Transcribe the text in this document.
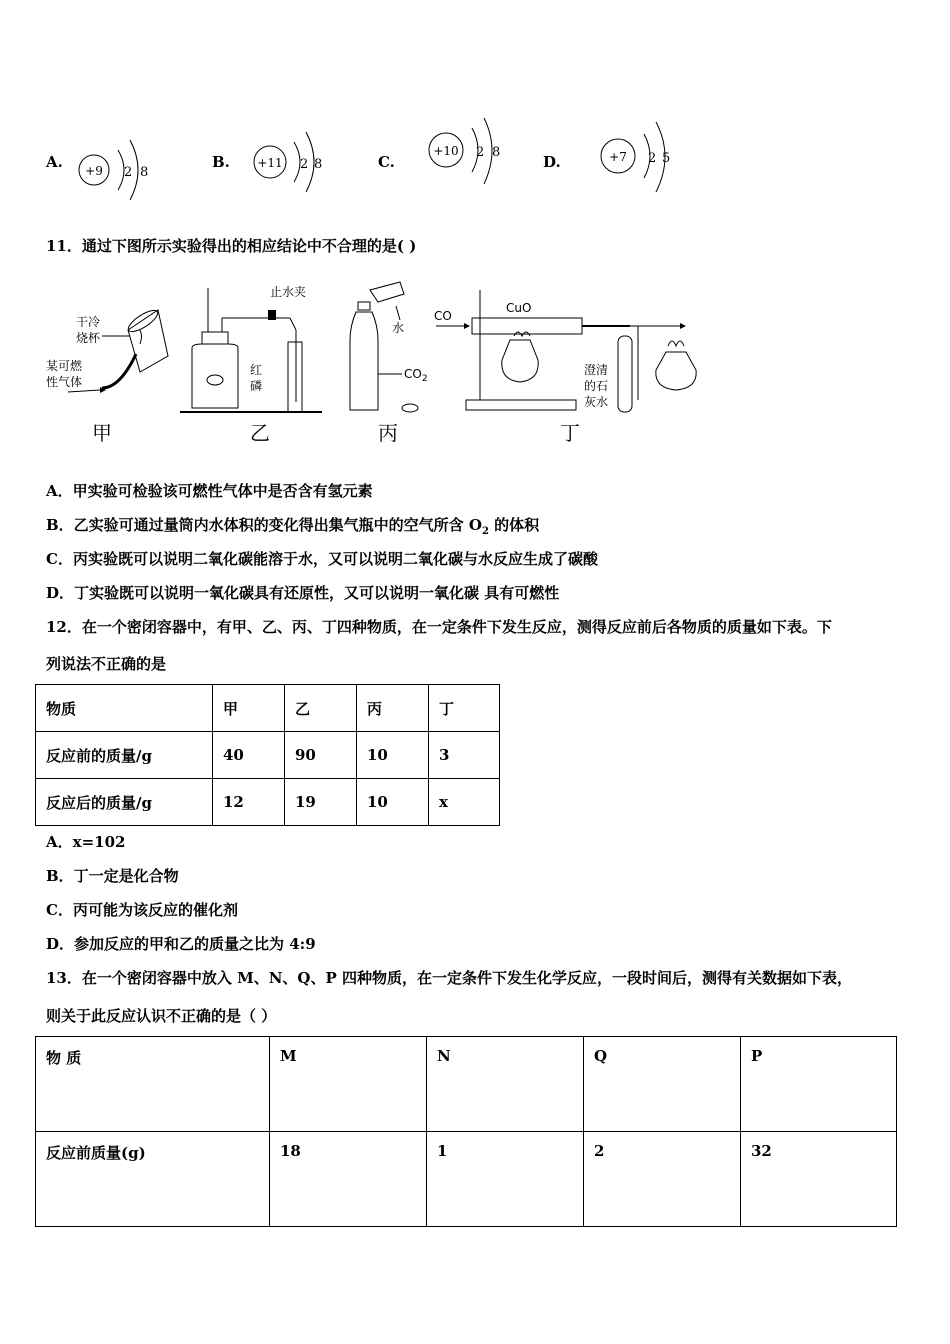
A. +9 2 8
B. +11 2 8	C.
+10 2 8
D.	+7 2 5
11．通过下图所示实验得出的相应结论中不合理的是( )
干冷
烧杯
某可燃
性气体
甲
止水夹
红
磷
乙
水
$CO_2$
丙
CO
CuO
澄清
的石
灰水
丁
A．甲实验可检验该可燃性气体中是否含有氢元素
B．乙实验可通过量筒内水体积的变化得出集气瓶中的空气所含 $O_2$ 的体积
C．丙实验既可以说明二氧化碳能溶于水，又可以说明二氧化碳与水反应生成了碳酸
D．丁实验既可以说明一氧化碳具有还原性，又可以说明一氧化碳 具有可燃性
12．在一个密闭容器中，有甲、乙、丙、丁四种物质，在一定条件下发生反应，测得反应前后各物质的质量如下表。下
列说法不正确的是
物质	甲	乙	丙	丁
反应前的质量/g	40	90	10	3
反应后的质量/g	12	19	10	x
A．x=102
B．丁一定是化合物
C．丙可能为该反应的催化剂
D．参加反应的甲和乙的质量之比为 4:9
13．在一个密闭容器中放入 M、N、Q、P 四种物质，在一定条件下发生化学反应，一段时间后，测得有关数据如下表，
则关于此反应认识不正确的是（ ）
物 质	M	N	Q	P
反应前质量(g)	18	1	2	32
